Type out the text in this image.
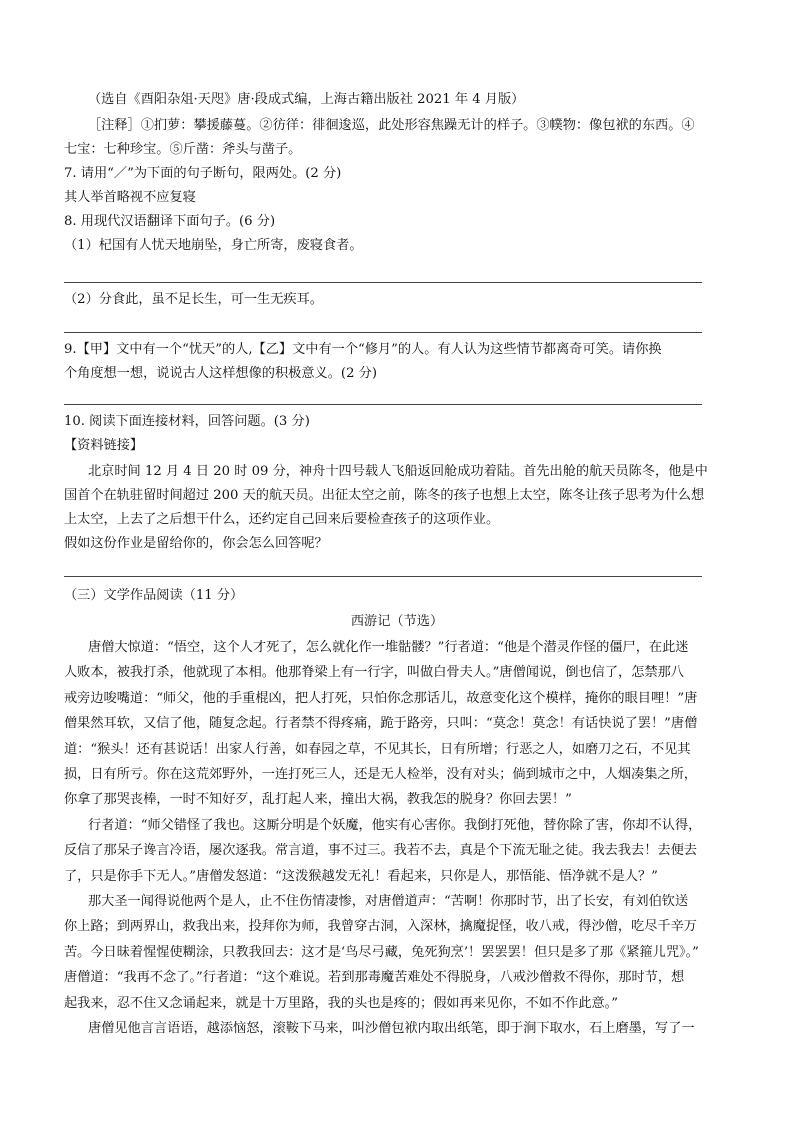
（选自《酉阳杂俎·天咫》唐·段成式编，上海古籍出版社 2021 年 4 月版）
［注释］①扪萝：攀援藤蔓。②彷徉：徘徊逡巡，此处形容焦躁无计的样子。③幞物：像包袱的东西。④
七宝：七种珍宝。⑤斤凿：斧头与凿子。
7. 请用“／”为下面的句子断句，限两处。(2 分)
其人举首略视不应复寝
8. 用现代汉语翻译下面句子。(6 分)
（1）杞国有人忧天地崩坠，身亡所寄，废寝食者。
（2）分食此，虽不足长生，可一生无疾耳。
9.【甲】文中有一个“忧天”的人,【乙】文中有一个“修月”的人。有人认为这些情节都离奇可笑。请你换
个角度想一想，说说古人这样想像的积极意义。(2 分)
10. 阅读下面连接材料，回答问题。(3 分)
【资料链接】
北京时间 12 月 4 日 20 时 09 分，神舟十四号载人飞船返回舱成功着陆。首先出舱的航天员陈冬，他是中
国首个在轨驻留时间超过 200 天的航天员。出征太空之前，陈冬的孩子也想上太空，陈冬让孩子思考为什么想
上太空，上去了之后想干什么，还约定自己回来后要检查孩子的这项作业。
假如这份作业是留给你的，你会怎么回答呢？
（三）文学作品阅读（11 分）
西游记（节选）
唐僧大惊道：“悟空，这个人才死了，怎么就化作一堆骷髅？”行者道：“他是个潜灵作怪的僵尸，在此迷
人败本，被我打杀，他就现了本相。他那脊梁上有一行字，叫做白骨夫人。”唐僧闻说，倒也信了，怎禁那八
戒旁边唆嘴道：“师父，他的手重棍凶，把人打死，只怕你念那话儿，故意变化这个模样，掩你的眼目哩！”唐
僧果然耳软，又信了他，随复念起。行者禁不得疼痛，跪于路旁，只叫：“莫念！莫念！有话快说了罢！”唐僧
道：“猴头！还有甚说话！出家人行善，如春园之草，不见其长，日有所增；行恶之人，如磨刀之石，不见其
损，日有所亏。你在这荒郊野外，一连打死三人，还是无人检举，没有对头；倘到城市之中，人烟凑集之所，
你拿了那哭丧棒，一时不知好歹，乱打起人来，撞出大祸，教我怎的脱身？你回去罢！”
行者道：“师父错怪了我也。这厮分明是个妖魔，他实有心害你。我倒打死他，替你除了害，你却不认得，
反信了那呆子谗言冷语，屡次逐我。常言道，事不过三。我若不去，真是个下流无耻之徒。我去我去！去便去
了，只是你手下无人。”唐僧发怒道：“这泼猴越发无礼！看起来，只你是人，那悟能、悟净就不是人？”
那大圣一闻得说他两个是人，止不住伤情凄惨，对唐僧道声：“苦啊！你那时节，出了长安，有刘伯钦送
你上路；到两界山，救我出来，投拜你为师，我曾穿古洞，入深林，擒魔捉怪，收八戒，得沙僧，吃尽千辛万
苦。今日昧着惺惺使糊涂，只教我回去：这才是‘鸟尽弓藏，兔死狗烹’！罢罢罢！但只是多了那《紧箍儿咒》。”
唐僧道：“我再不念了。”行者道：“这个难说。若到那毒魔苦难处不得脱身，八戒沙僧救不得你，那时节，想
起我来，忍不住又念诵起来，就是十万里路，我的头也是疼的；假如再来见你，不如不作此意。”
唐僧见他言言语语，越添恼怒，滚鞍下马来，叫沙僧包袱内取出纸笔，即于涧下取水，石上磨墨，写了一
